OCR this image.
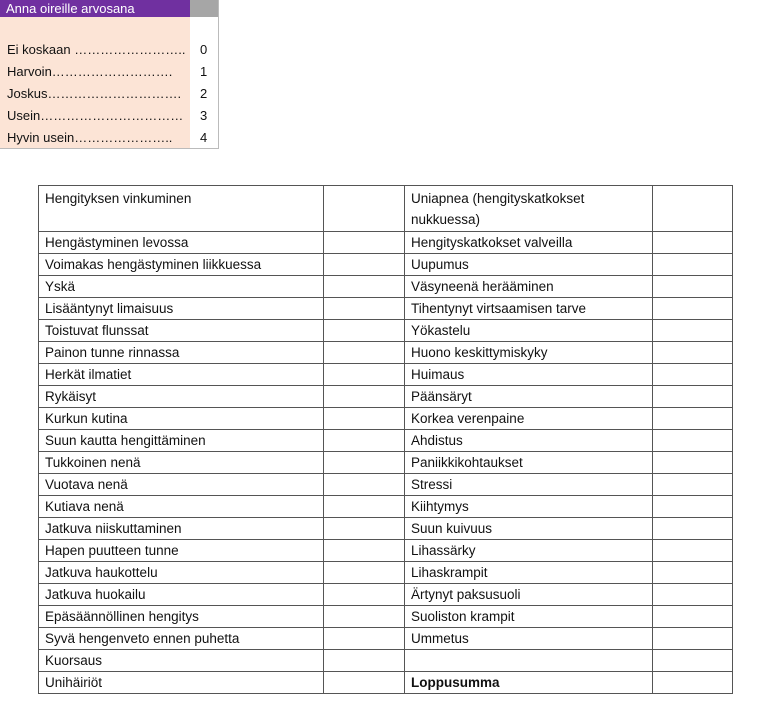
Anna oireille arvosana
Ei koskaan …………………….. 0
Harvoin………………………. 1
Joskus…………………………. 2
Usein…………………………… 3
Hyvin usein………………….. 4
Hengityksen vinkuminen		Uniapnea (hengityskatkokset nukkuessa)	
Hengästyminen levossa		Hengityskatkokset valveilla	
Voimakas hengästyminen liikkuessa		Uupumus	
Yskä		Väsyneenä herääminen	
Lisääntynyt limaisuus		Tihentynyt virtsaamisen tarve	
Toistuvat flunssat		Yökastelu	
Painon tunne rinnassa		Huono keskittymiskyky	
Herkät ilmatiet		Huimaus	
Rykäisyt		Päänsäryt	
Kurkun kutina		Korkea verenpaine	
Suun kautta hengittäminen		Ahdistus	
Tukkoinen nenä		Paniikkikohtaukset	
Vuotava nenä		Stressi	
Kutiava nenä		Kiihtymys	
Jatkuva niiskuttaminen		Suun kuivuus	
Hapen puutteen tunne		Lihassärky	
Jatkuva haukottelu		Lihaskrampit	
Jatkuva huokailu		Ärtynyt paksusuoli	
Epäsäännöllinen hengitys		Suoliston krampit	
Syvä hengenveto ennen puhetta		Ummetus	
Kuorsaus			
Unihäiriöt		Loppusumma	
